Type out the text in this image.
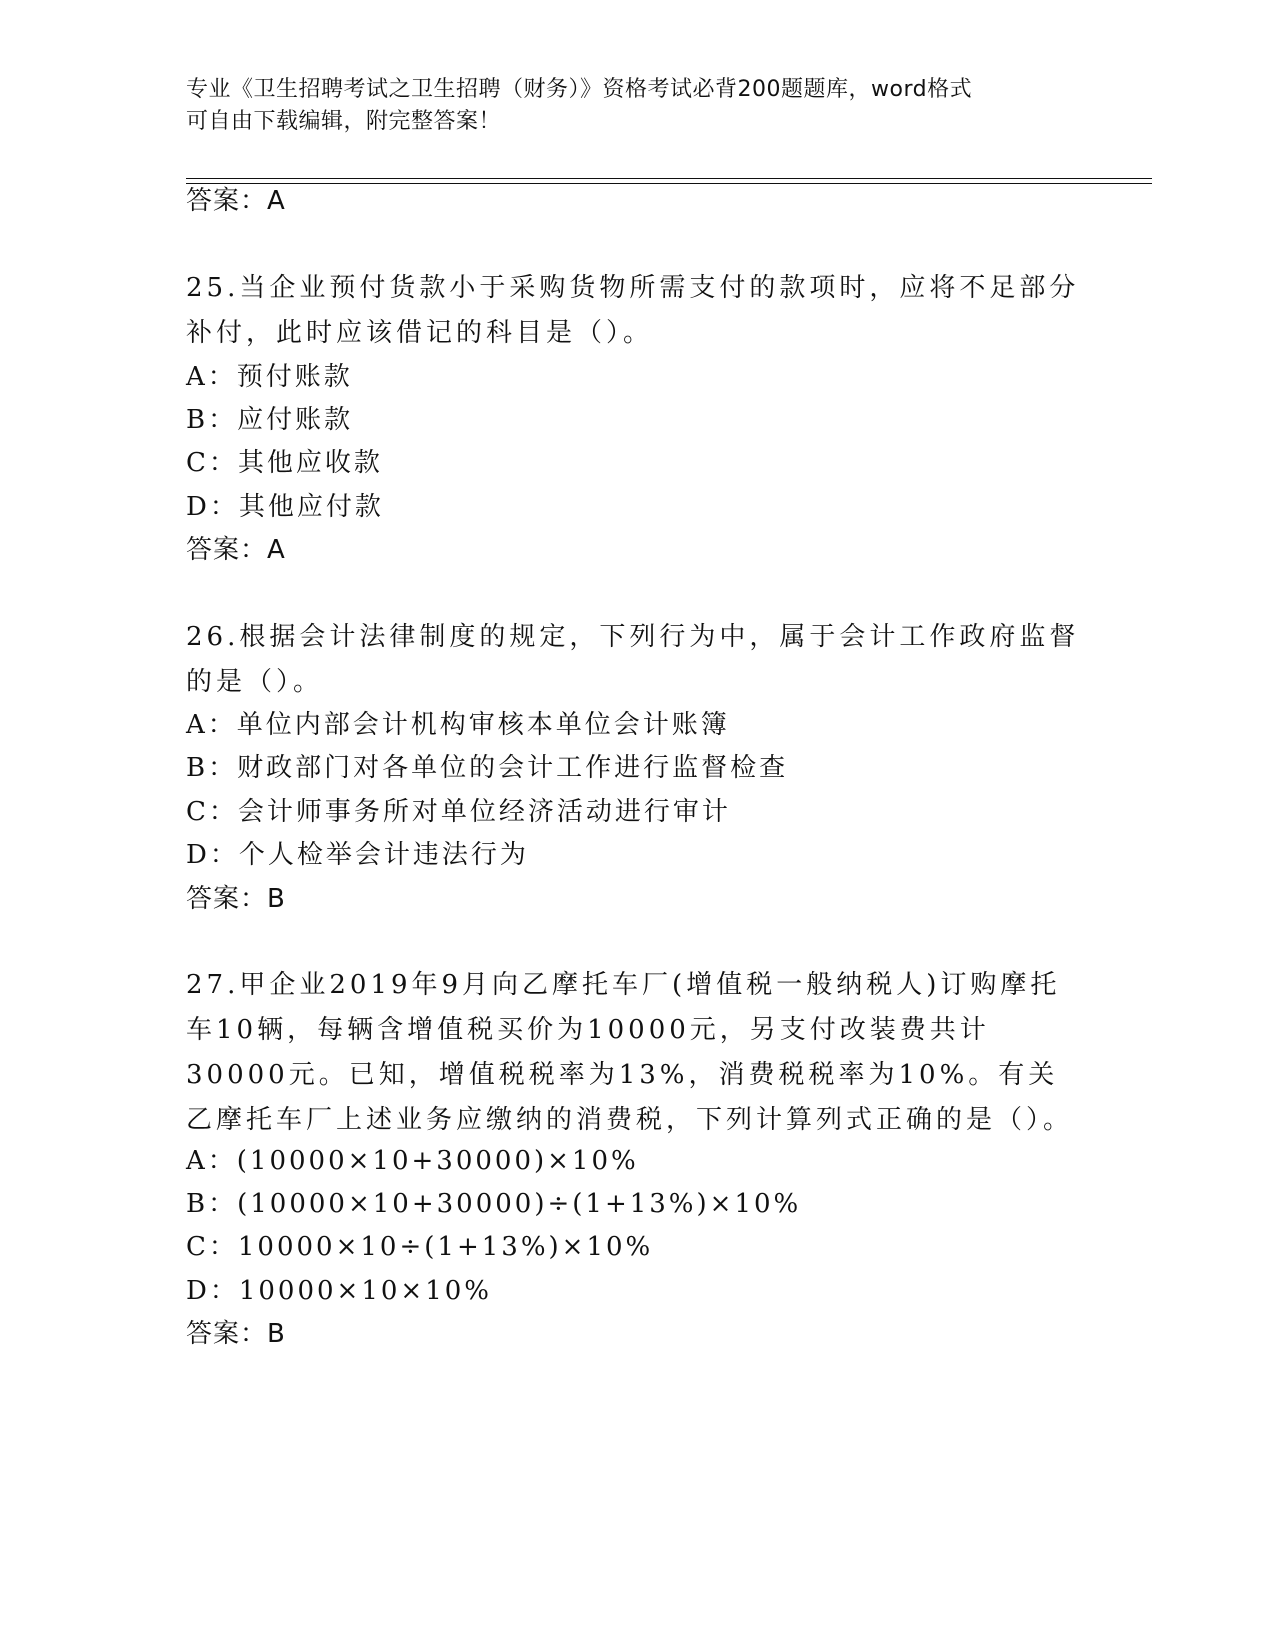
专业《卫生招聘考试之卫生招聘（财务）》资格考试必背200题题库，word格式
可自由下载编辑，附完整答案！
答案：A
25.当企业预付货款小于采购货物所需支付的款项时，应将不足部分补付，此时应该借记的科目是（）。
A：预付账款
B：应付账款
C：其他应收款
D：其他应付款
答案：A
26.根据会计法律制度的规定，下列行为中，属于会计工作政府监督的是（）。
A：单位内部会计机构审核本单位会计账簿
B：财政部门对各单位的会计工作进行监督检查
C：会计师事务所对单位经济活动进行审计
D：个人检举会计违法行为
答案：B
27.甲企业2019年9月向乙摩托车厂(增值税一般纳税人)订购摩托车10辆，每辆含增值税买价为10000元，另支付改装费共计30000元。已知，增值税税率为13%，消费税税率为10%。有关乙摩托车厂上述业务应缴纳的消费税，下列计算列式正确的是（）。
A：(10000×10+30000)×10%
B：(10000×10+30000)÷(1+13%)×10%
C：10000×10÷(1+13%)×10%
D：10000×10×10%
答案：B
